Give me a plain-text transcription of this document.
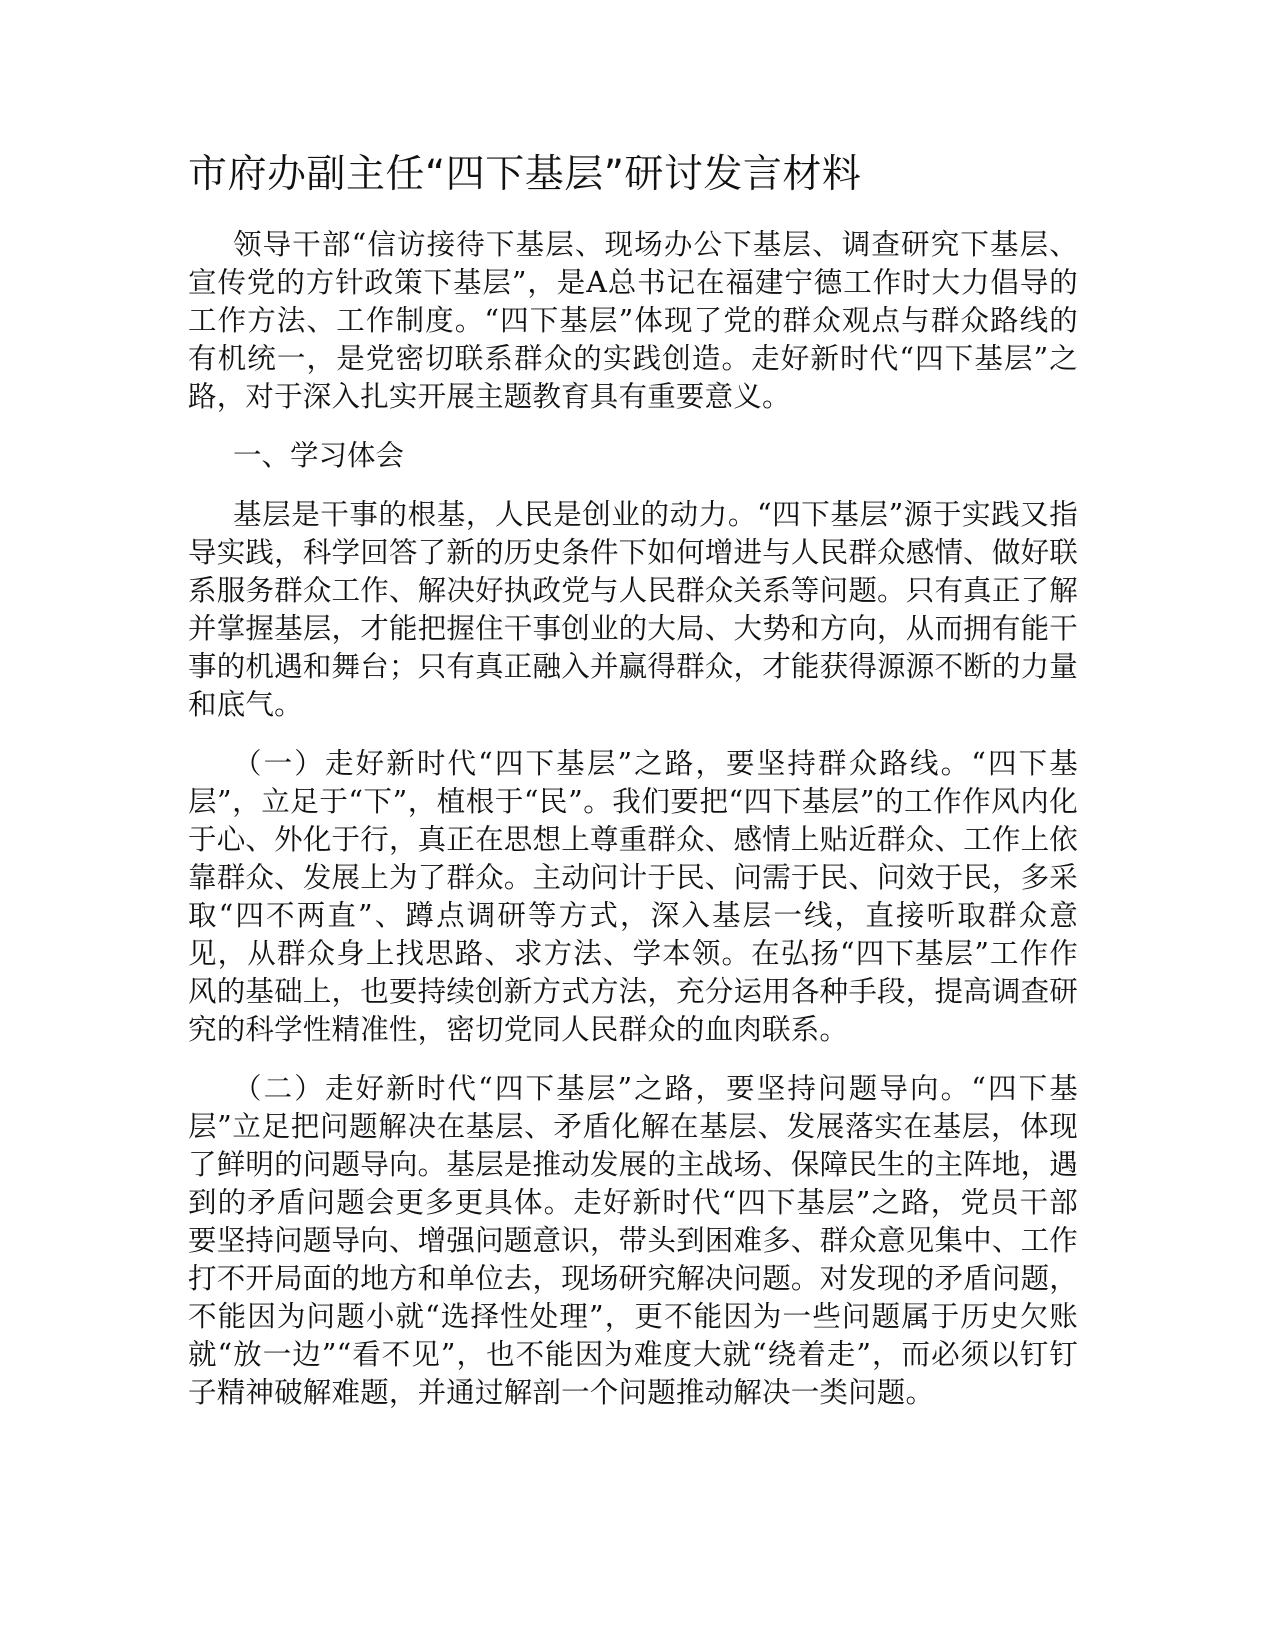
市府办副主任“四下基层”研讨发言材料

领导干部“信访接待下基层、现场办公下基层、调查研究下基层、宣传党的方针政策下基层”，是A总书记在福建宁德工作时大力倡导的工作方法、工作制度。“四下基层”体现了党的群众观点与群众路线的有机统一，是党密切联系群众的实践创造。走好新时代“四下基层”之路，对于深入扎实开展主题教育具有重要意义。

一、学习体会

基层是干事的根基，人民是创业的动力。“四下基层”源于实践又指导实践，科学回答了新的历史条件下如何增进与人民群众感情、做好联系服务群众工作、解决好执政党与人民群众关系等问题。只有真正了解并掌握基层，才能把握住干事创业的大局、大势和方向，从而拥有能干事的机遇和舞台；只有真正融入并赢得群众，才能获得源源不断的力量和底气。

（一）走好新时代“四下基层”之路，要坚持群众路线。“四下基层”，立足于“下”，植根于“民”。我们要把“四下基层”的工作作风内化于心、外化于行，真正在思想上尊重群众、感情上贴近群众、工作上依靠群众、发展上为了群众。主动问计于民、问需于民、问效于民，多采取“四不两直”、蹲点调研等方式，深入基层一线，直接听取群众意见，从群众身上找思路、求方法、学本领。在弘扬“四下基层”工作作风的基础上，也要持续创新方式方法，充分运用各种手段，提高调查研究的科学性精准性，密切党同人民群众的血肉联系。

（二）走好新时代“四下基层”之路，要坚持问题导向。“四下基层”立足把问题解决在基层、矛盾化解在基层、发展落实在基层，体现了鲜明的问题导向。基层是推动发展的主战场、保障民生的主阵地，遇到的矛盾问题会更多更具体。走好新时代“四下基层”之路，党员干部要坚持问题导向、增强问题意识，带头到困难多、群众意见集中、工作打不开局面的地方和单位去，现场研究解决问题。对发现的矛盾问题，不能因为问题小就“选择性处理”，更不能因为一些问题属于历史欠账就“放一边”“看不见”，也不能因为难度大就“绕着走”，而必须以钉钉子精神破解难题，并通过解剖一个问题推动解决一类问题。
